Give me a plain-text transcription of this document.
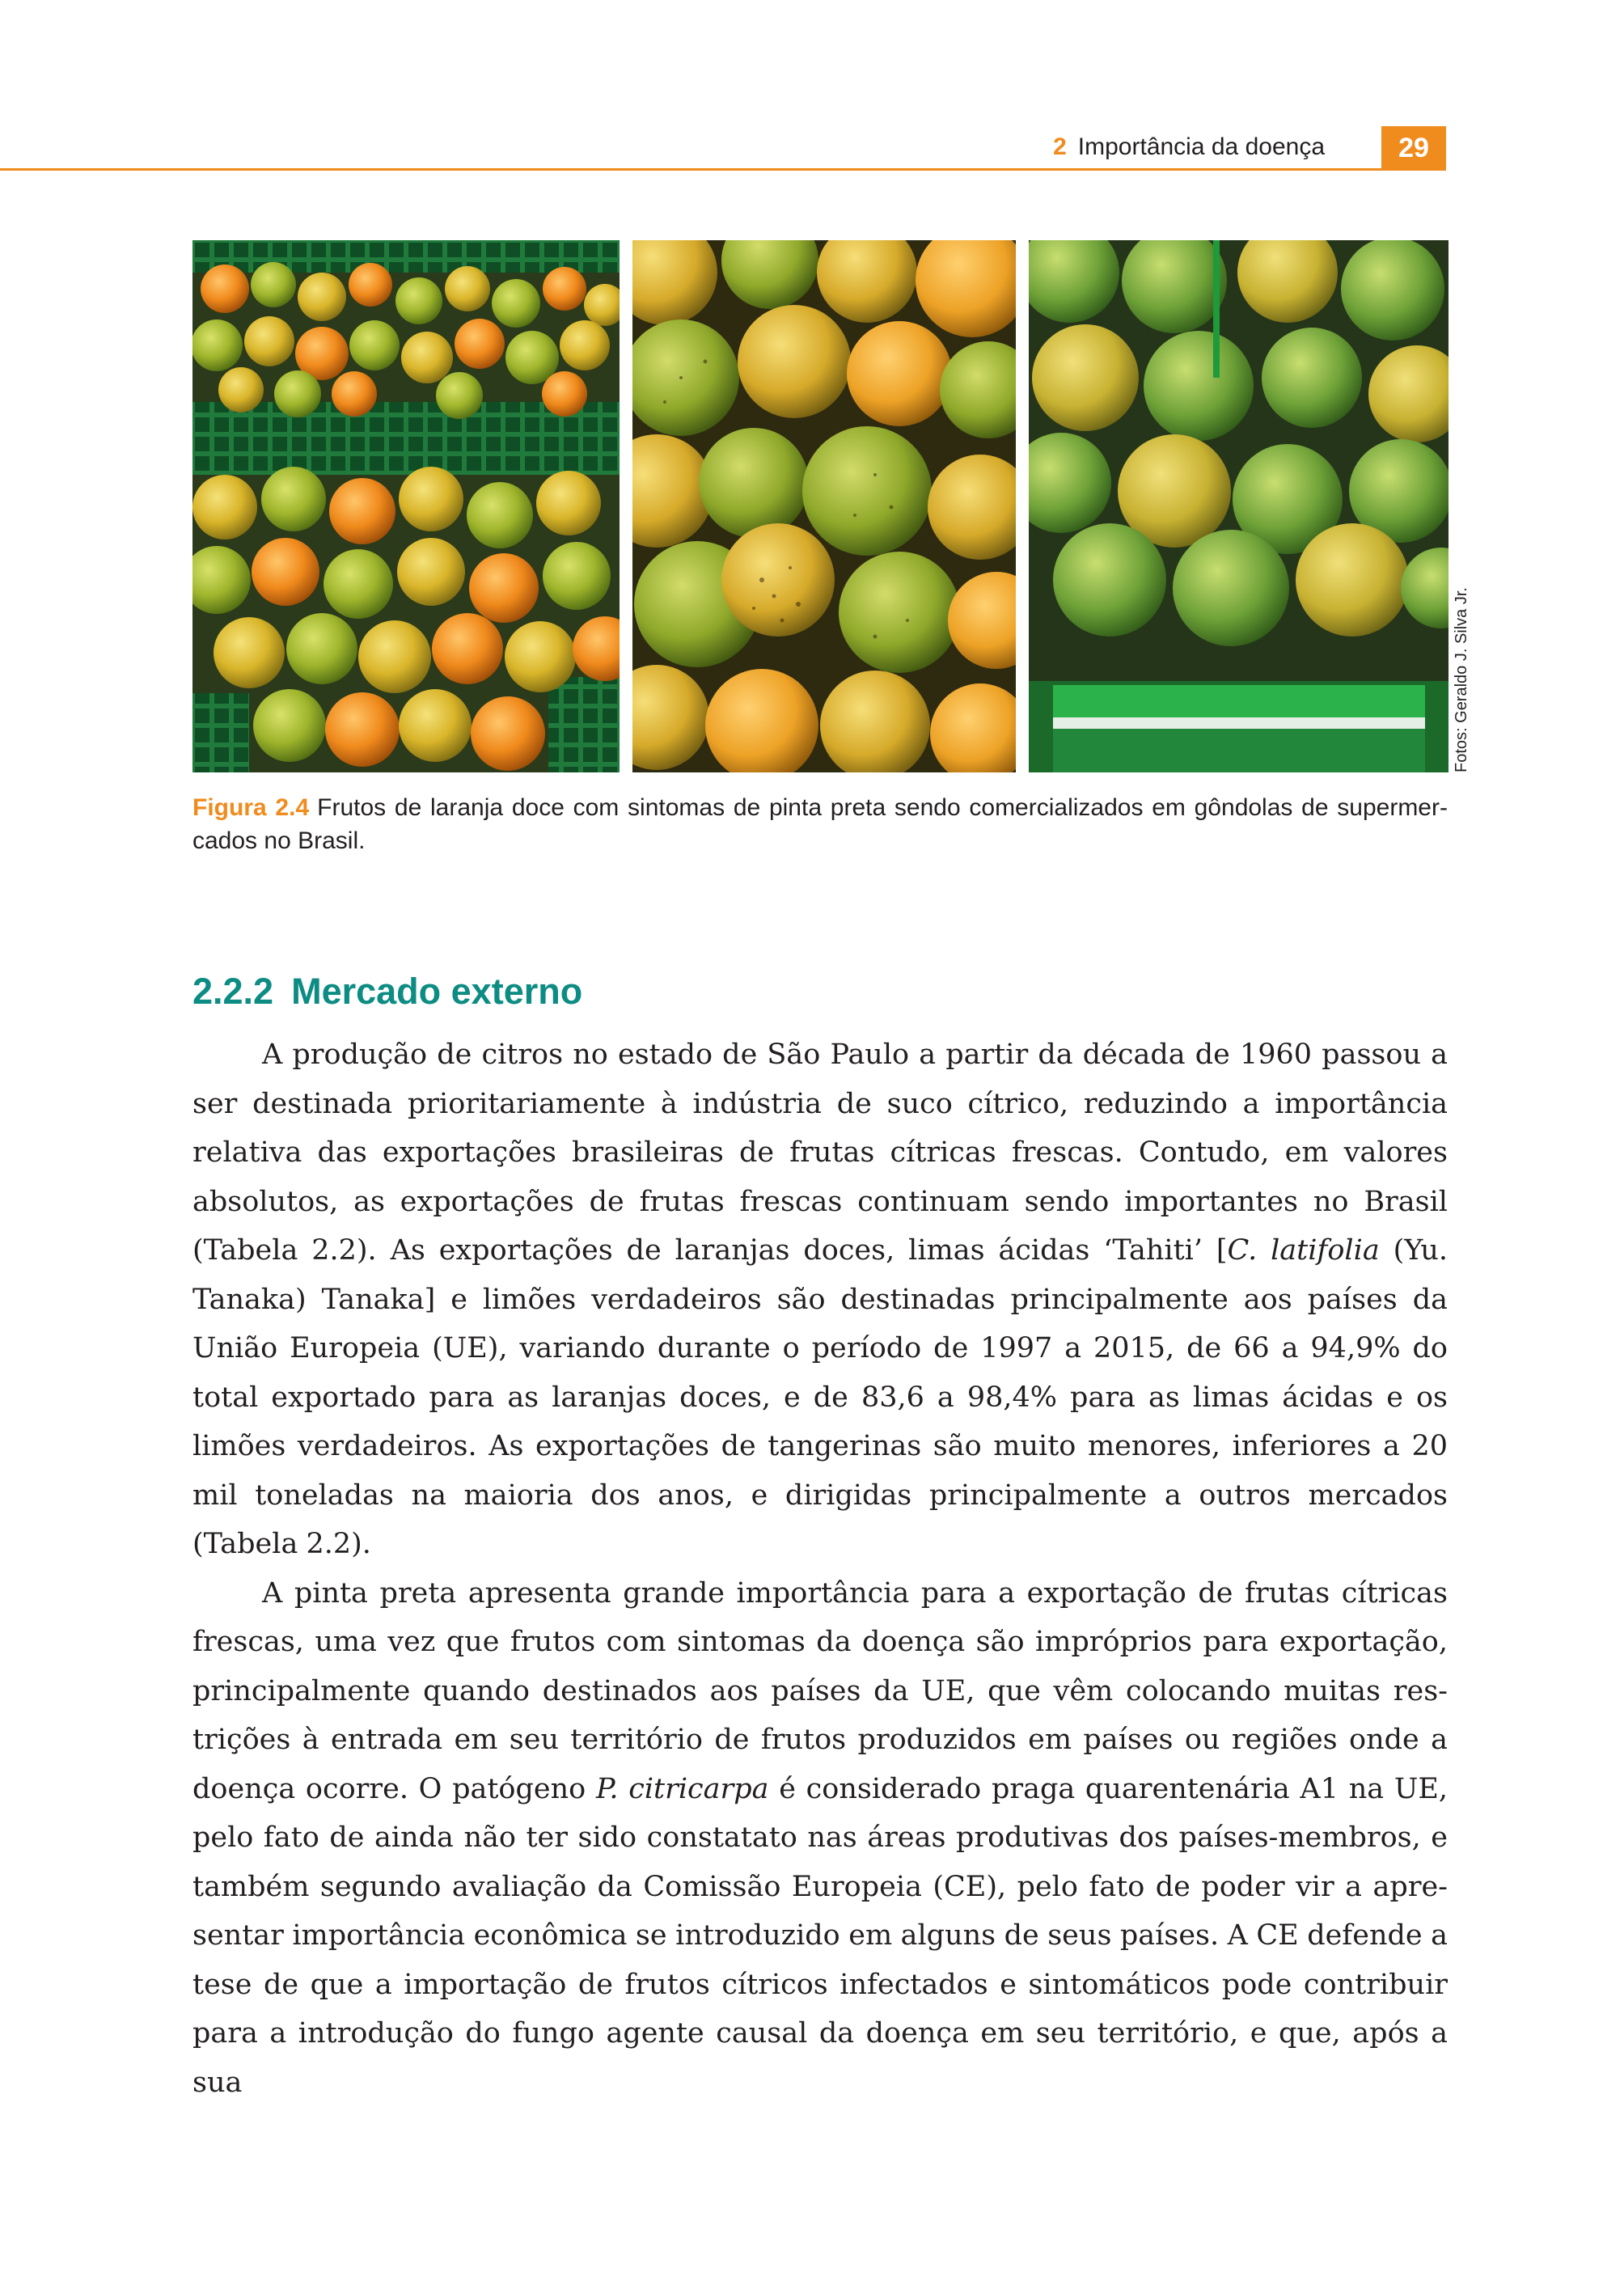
2 Importância da doença	29
Fotos: Geraldo J. Silva Jr.

Figura 2.4 Frutos de laranja doce com sintomas de pinta preta sendo comercializados em gôndolas de supermercados no Brasil.

2.2.2 Mercado externo

A produção de citros no estado de São Paulo a partir da década de 1960 passou a ser destinada prioritariamente à indústria de suco cítrico, reduzindo a importância relativa das exportações brasileiras de frutas cítricas frescas. Contudo, em valores absolutos, as exportações de frutas frescas continuam sendo importantes no Brasil (Tabela 2.2). As exportações de laranjas doces, limas ácidas ‘Tahiti’ [C. latifolia (Yu. Tanaka) Tanaka] e limões verdadeiros são destinadas principalmente aos países da União Europeia (UE), variando durante o período de 1997 a 2015, de 66 a 94,9% do total exportado para as laranjas doces, e de 83,6 a 98,4% para as limas ácidas e os limões verdadeiros. As exportações de tangerinas são muito menores, inferiores a 20 mil toneladas na maioria dos anos, e dirigidas principalmente a outros mercados (Tabela 2.2).

A pinta preta apresenta grande importância para a exportação de frutas cítricas frescas, uma vez que frutos com sintomas da doença são impróprios para exportação, principalmente quando destinados aos países da UE, que vêm colocando muitas restrições à entrada em seu território de frutos produzidos em países ou regiões onde a doença ocorre. O patógeno P. citricarpa é considerado praga quarentenária A1 na UE, pelo fato de ainda não ter sido constatato nas áreas produtivas dos países-membros, e também segundo avaliação da Comissão Europeia (CE), pelo fato de poder vir a apresentar importância econômica se introduzido em alguns de seus países. A CE defende a tese de que a importação de frutos cítricos infectados e sintomáticos pode contribuir para a introdução do fungo agente causal da doença em seu território, e que, após a sua
